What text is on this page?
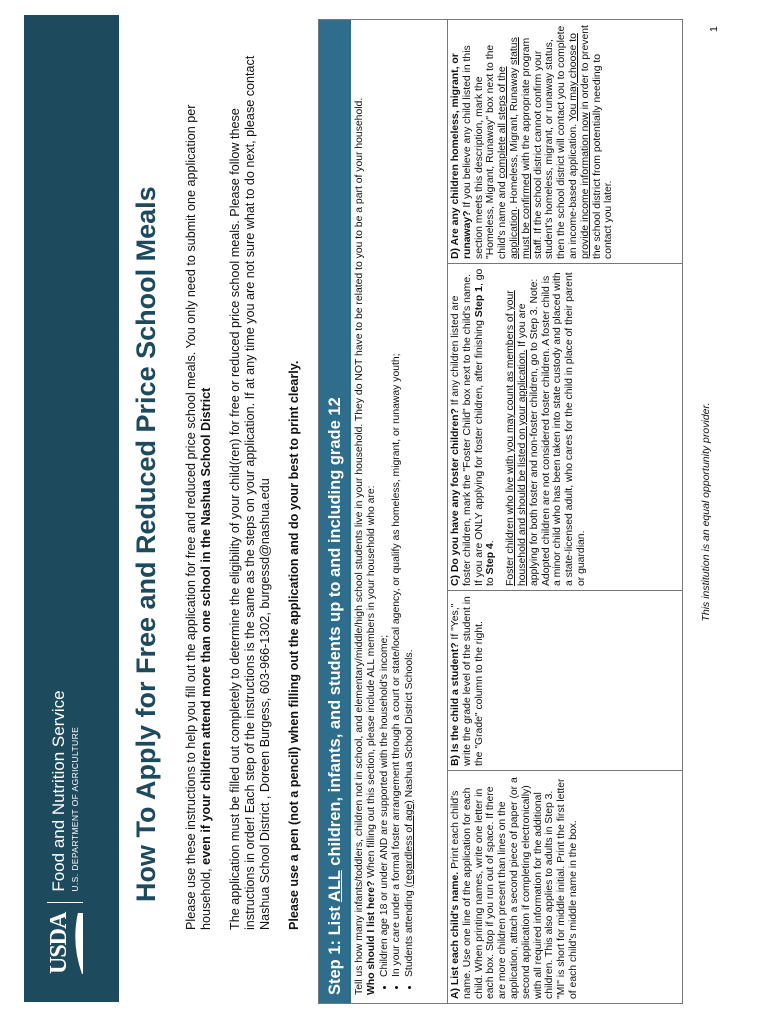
USDA
Food and Nutrition Service U.S. DEPARTMENT OF AGRICULTURE How To Apply for Free and Reduced Price School Meals Please use these instructions to help you fill out the application for free and reduced price school meals. You only need to submit one application per household, even if your children attend more than one school in the Nashua School District The application must be filled out completely to determine the eligibility of your child(ren) for free or reduced price school meals. Please follow these instructions in order! Each step of the instructions is the same as the steps on your application. If at any time you are not sure what to do next, please contact Nashua School District , Doreen Burgess, 603-966-1302, burgessd@nashua.edu Please use a pen (not a pencil) when filling out the application and do your best to print clearly.

Step 1: List ALL children, infants, and students up to and including grade 12 Tell us how many infants/toddlers, children not in school, and elementary/middle/high school students live in your household. They do NOT have to be related to you to be a part of your household. Who should I list here? When filling out this section, please include ALL members in your household who are: • Children age 18 or under AND are supported with the household's income; • In your care under a formal foster arrangement through a court or state/local agency, or qualify as homeless, migrant, or runaway youth; • Students attending (regardless of age) Nashua School District Schools.
A) List each child's name. Print each child's name. Use one line of the application for each child. When printing names, write one letter in each box. Stop if you run out of space. If there are more children present than lines on the application, attach a second piece of paper (or a second application if completing electronically) with all required information for the additional children. This also applies to adults in Step 3. "MI" is short for middle initial. Print the first letter of each child's middle name in the box.
B) Is the child a student? If "Yes," write the grade level of the student in the "Grade" column to the right.
C) Do you have any foster children? If any children listed are foster children, mark the "Foster Child" box next to the child's name. If you are ONLY applying for foster children, after finishing Step 1, go to Step 4. Foster children who live with you may count as members of your household and should be listed on your application. If you are applying for both foster and non-foster children, go to Step 3. Note: Adopted children are not considered foster children. A foster child is a minor child who has been taken into state custody and placed with a state-licensed adult, who cares for the child in place of their parent or guardian.
D) Are any children homeless, migrant, or runaway? If you believe any child listed in this section meets this description, mark the "Homeless, Migrant, Runaway" box next to the child's name and complete all steps of the application. Homeless, Migrant, Runaway status must be confirmed with the appropriate program staff. If the school district cannot confirm your student's homeless, migrant, or runaway status, then the school district will contact you to complete an income-based application. You may choose to provide income information now in order to prevent the school district from potentially needing to contact you later.
This institution is an equal opportunity provider.
1
